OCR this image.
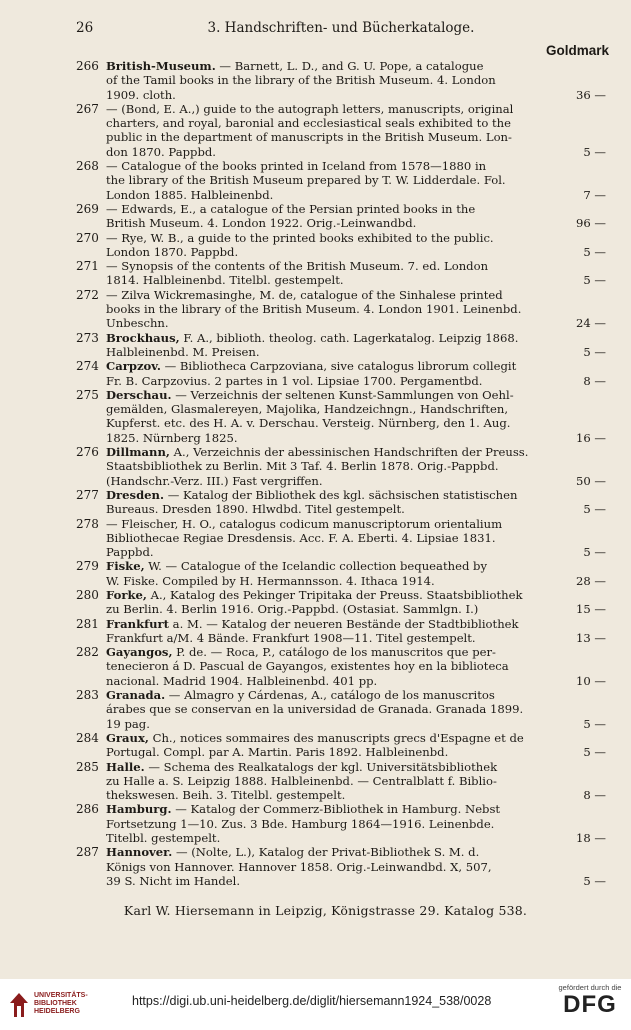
26	3. Handschriften- und Bücherkataloge.
Goldmark
266 British-Museum. — Barnett, L. D., and G. U. Pope, a catalogue
of the Tamil books in the library of the British Museum. 4. London
1909. cloth.	36 —
267 — (Bond, E. A.,) guide to the autograph letters, manuscripts, original
charters, and royal, baronial and ecclesiastical seals exhibited to the
public in the department of manuscripts in the British Museum. Lon-
don 1870. Pappbd.	5 —
268 — Catalogue of the books printed in Iceland from 1578—1880 in
the library of the British Museum prepared by T. W. Lidderdale. Fol.
London 1885. Halbleinenbd.	7 —
269 — Edwards, E., a catalogue of the Persian printed books in the
British Museum. 4. London 1922. Orig.-Leinwandbd.	96 —
270 — Rye, W. B., a guide to the printed books exhibited to the public.
London 1870. Pappbd.	5 —
271 — Synopsis of the contents of the British Museum. 7. ed. London
1814. Halbleinenbd. Titelbl. gestempelt.	5 —
272 — Zilva Wickremasinghe, M. de, catalogue of the Sinhalese printed
books in the library of the British Museum. 4. London 1901. Leinenbd.
Unbeschn.	24 —
273 Brockhaus, F. A., biblioth. theolog. cath. Lagerkatalog. Leipzig 1868.
Halbleinenbd. M. Preisen.	5 —
274 Carpzov. — Bibliotheca Carpzoviana, sive catalogus librorum collegit
Fr. B. Carpzovius. 2 partes in 1 vol. Lipsiae 1700. Pergamentbd.	8 —
275 Derschau. — Verzeichnis der seltenen Kunst-Sammlungen von Oehl-
gemälden, Glasmalereyen, Majolika, Handzeichngn., Handschriften,
Kupferst. etc. des H. A. v. Derschau. Versteig. Nürnberg, den 1. Aug.
1825. Nürnberg 1825.	16 —
276 Dillmann, A., Verzeichnis der abessinischen Handschriften der Preuss.
Staatsbibliothek zu Berlin. Mit 3 Taf. 4. Berlin 1878. Orig.-Pappbd.
(Handschr.-Verz. III.) Fast vergriffen.	50 —
277 Dresden. — Katalog der Bibliothek des kgl. sächsischen statistischen
Bureaus. Dresden 1890. Hlwdbd. Titel gestempelt.	5 —
278 — Fleischer, H. O., catalogus codicum manuscriptorum orientalium
Bibliothecae Regiae Dresdensis. Acc. F. A. Eberti. 4. Lipsiae 1831.
Pappbd.	5 —
279 Fiske, W. — Catalogue of the Icelandic collection bequeathed by
W. Fiske. Compiled by H. Hermannsson. 4. Ithaca 1914.	28 —
280 Forke, A., Katalog des Pekinger Tripitaka der Preuss. Staatsbibliothek
zu Berlin. 4. Berlin 1916. Orig.-Pappbd. (Ostasiat. Sammlgn. I.)	15 —
281 Frankfurt a. M. — Katalog der neueren Bestände der Stadtbibliothek
Frankfurt a/M. 4 Bände. Frankfurt 1908—11. Titel gestempelt.	13 —
282 Gayangos, P. de. — Roca, P., catálogo de los manuscritos que per-
tenecieron á D. Pascual de Gayangos, existentes hoy en la biblioteca
nacional. Madrid 1904. Halbleinenbd. 401 pp.	10 —
283 Granada. — Almagro y Cárdenas, A., catálogo de los manuscritos
árabes que se conservan en la universidad de Granada. Granada 1899.
19 pag.	5 —
284 Graux, Ch., notices sommaires des manuscripts grecs d'Espagne et de
Portugal. Compl. par A. Martin. Paris 1892. Halbleinenbd.	5 —
285 Halle. — Schema des Realkatalogs der kgl. Universitätsbibliothek
zu Halle a. S. Leipzig 1888. Halbleinenbd. — Centralblatt f. Biblio-
thekswesen. Beih. 3. Titelbl. gestempelt.	8 —
286 Hamburg. — Katalog der Commerz-Bibliothek in Hamburg. Nebst
Fortsetzung 1—10. Zus. 3 Bde. Hamburg 1864—1916. Leinenbde.
Titelbl. gestempelt.	18 —
287 Hannover. — (Nolte, L.), Katalog der Privat-Bibliothek S. M. d.
Königs von Hannover. Hannover 1858. Orig.-Leinwandbd. X, 507,
39 S. Nicht im Handel.	5 —
Karl W. Hiersemann in Leipzig, Königstrasse 29. Katalog 538.
UNIVERSITÄTS-
BIBLIOTHEK
HEIDELBERG
https://digi.ub.uni-heidelberg.de/diglit/hiersemann1924_538/0028
gefördert durch die
DFG
